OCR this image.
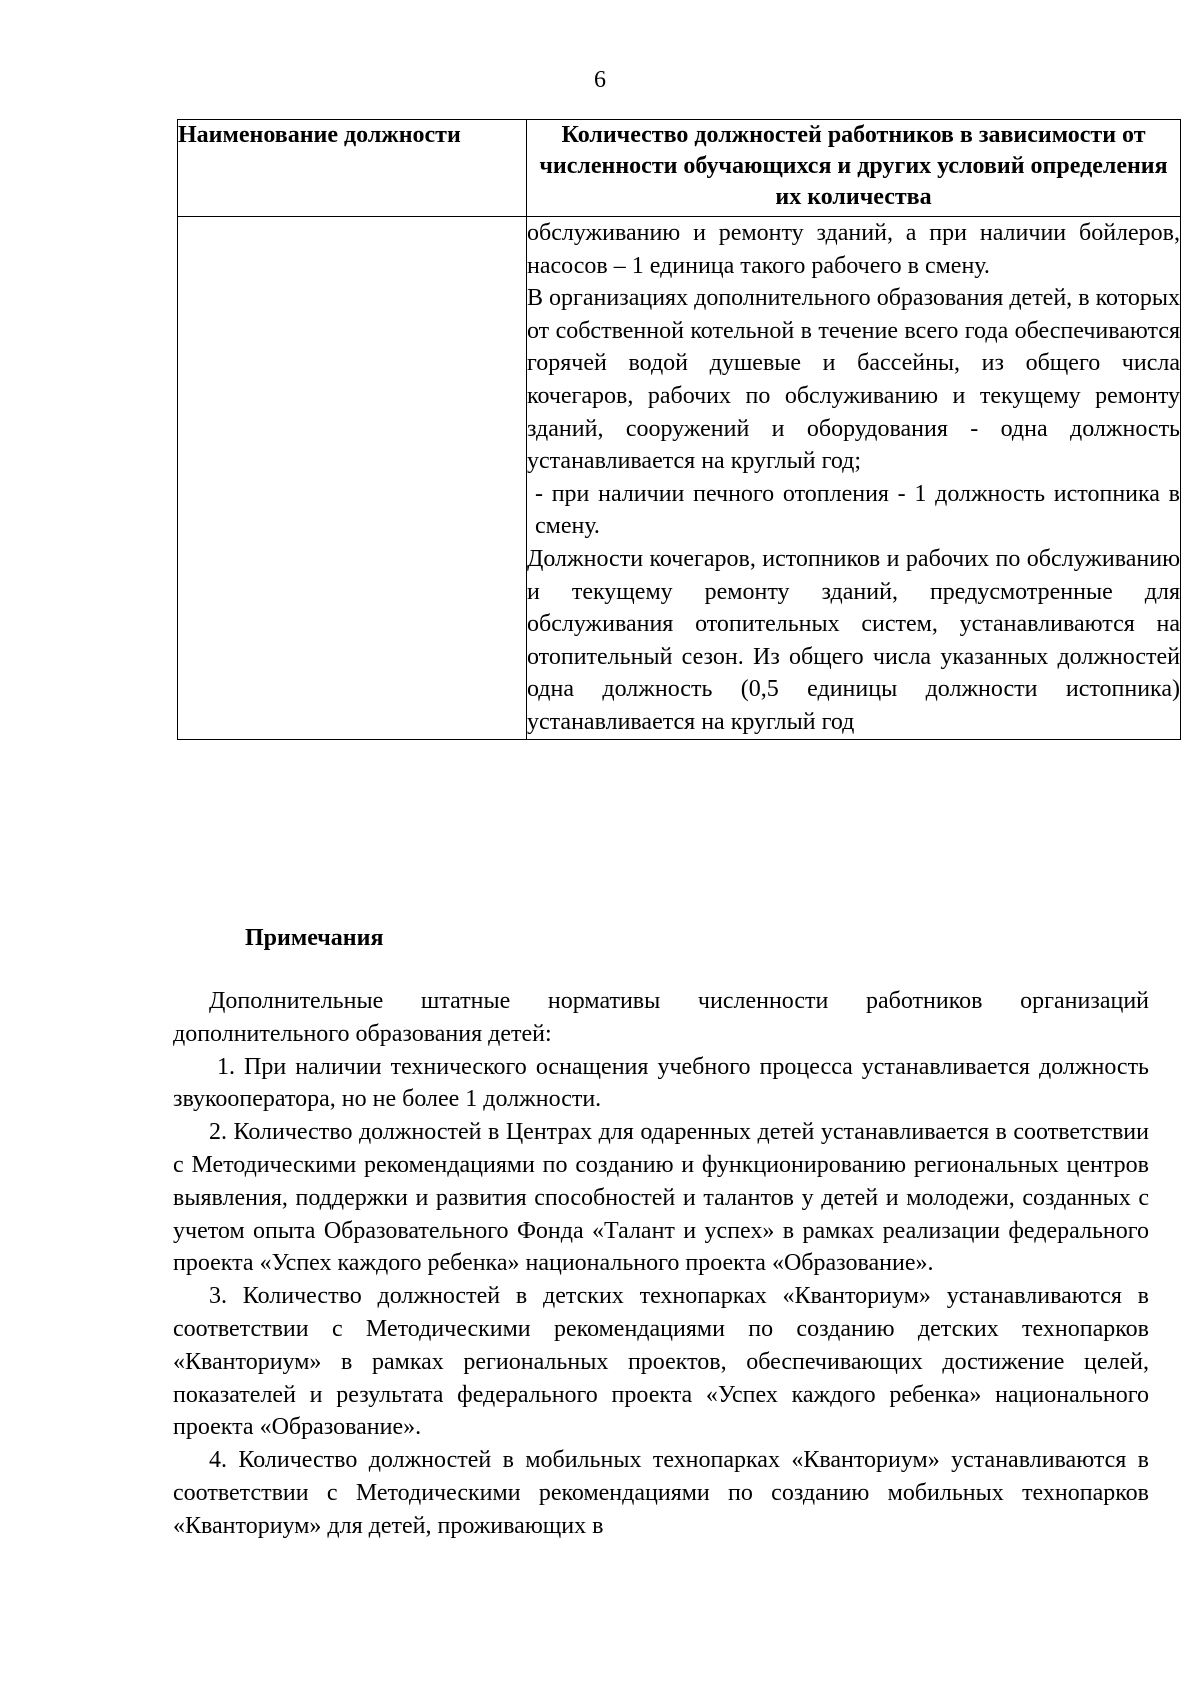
6
Наименование должности	Количество должностей работников в зависимости от численности обучающихся и других условий определения их количества

	обслуживанию и ремонту зданий, а при наличии бойлеров, насосов – 1 единица такого рабочего в смену.

В организациях дополнительного образования детей, в которых от собственной котельной в течение всего года обеспечиваются горячей водой душевые и бассейны, из общего числа кочегаров, рабочих по обслуживанию и текущему ремонту зданий, сооружений и оборудования - одна должность устанавливается на круглый год;

- при наличии печного отопления - 1 должность истопника в смену.

Должности кочегаров, истопников и рабочих по обслуживанию и текущему ремонту зданий, предусмотренные для обслуживания отопительных систем, устанавливаются на отопительный сезон. Из общего числа указанных должностей одна должность (0,5 единицы должности истопника) устанавливается на круглый год

Примечания

Дополнительные штатные нормативы численности работников организаций дополнительного образования детей:

1. При наличии технического оснащения учебного процесса устанавливается должность звукооператора, но не более 1 должности.

2. Количество должностей в Центрах для одаренных детей устанавливается в соответствии с Методическими рекомендациями по созданию и функционированию региональных центров выявления, поддержки и развития способностей и талантов у детей и молодежи, созданных с учетом опыта Образовательного Фонда «Талант и успех» в рамках реализации федерального проекта «Успех каждого ребенка» национального проекта «Образование».

3. Количество должностей в детских технопарках «Кванториум» устанавливаются в соответствии с Методическими рекомендациями по созданию детских технопарков «Кванториум» в рамках региональных проектов, обеспечивающих достижение целей, показателей и результата федерального проекта «Успех каждого ребенка» национального проекта «Образование».

4. Количество должностей в мобильных технопарках «Кванториум» устанавливаются в соответствии с Методическими рекомендациями по созданию мобильных технопарков «Кванториум» для детей, проживающих в
